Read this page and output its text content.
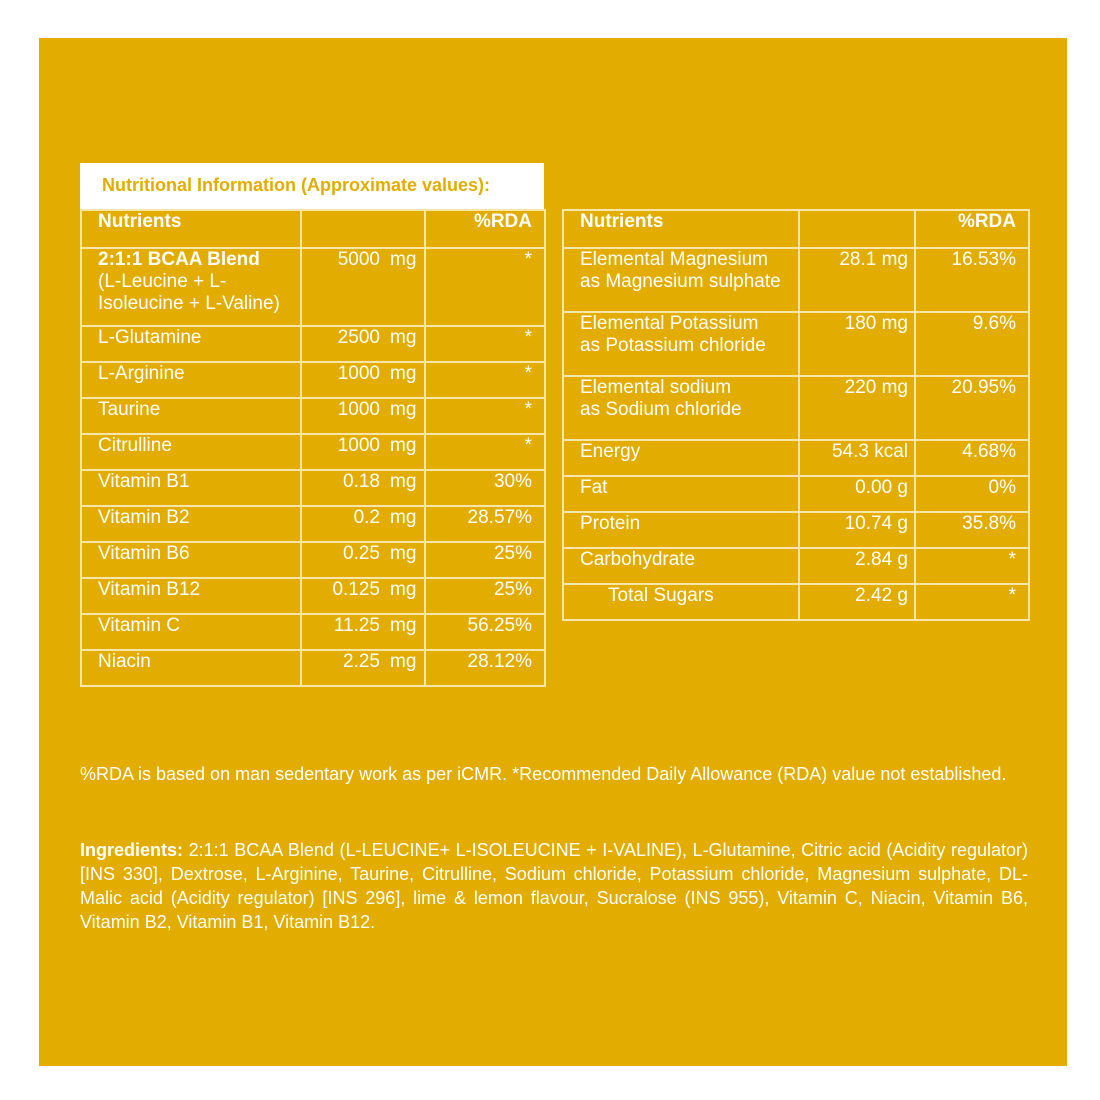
Nutritional Information (Approximate values):
Nutrients		%RDA
2:1:1 BCAA Blend
(L-Leucine + L-Isoleucine + L-Valine)	5000 mg	*
L-Glutamine	2500 mg	*
L-Arginine	1000 mg	*
Taurine	1000 mg	*
Citrulline	1000 mg	*
Vitamin B1	0.18 mg	30%
Vitamin B2	0.2 mg	28.57%
Vitamin B6	0.25 mg	25%
Vitamin B12	0.125 mg	25%
Vitamin C	11.25 mg	56.25%
Niacin	2.25 mg	28.12%
Nutrients		%RDA
Elemental Magnesium
as Magnesium sulphate	28.1 mg	16.53%
Elemental Potassium
as Potassium chloride	180 mg	9.6%
Elemental sodium
as Sodium chloride	220 mg	20.95%
Energy	54.3 kcal	4.68%
Fat	0.00 g	0%
Protein	10.74 g	35.8%
Carbohydrate	2.84 g	*
Total Sugars	2.42 g	*
%RDA is based on man sedentary work as per iCMR. *Recommended Daily Allowance (RDA) value not established.
Ingredients: 2:1:1 BCAA Blend (L-LEUCINE+ L-ISOLEUCINE + I-VALINE), L-Glutamine, Citric acid (Acidity regulator) [INS 330], Dextrose, L-Arginine, Taurine, Citrulline, Sodium chloride, Potassium chloride, Magnesium sulphate, DL-Malic acid (Acidity regulator) [INS 296], lime & lemon flavour, Sucralose (INS 955), Vitamin C, Niacin, Vitamin B6, Vitamin B2, Vitamin B1, Vitamin B12.
